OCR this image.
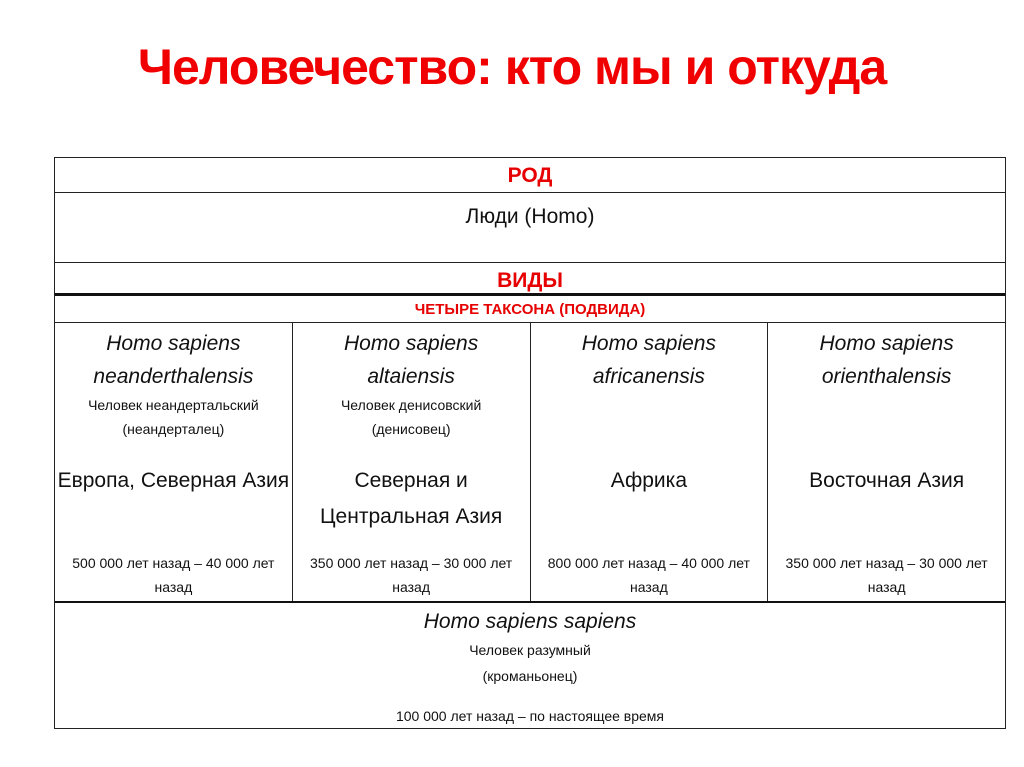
Человечество: кто мы и откуда
РОД
Люди (Homo)
ВИДЫ
ЧЕТЫРЕ ТАКСОНА (ПОДВИДА)
Homo sapiens
neanderthalensis
Человек неандертальский
(неандерталец)
Европа, Северная Азия
500 000 лет назад – 40 000 лет назад
Homo sapiens
altaiensis
Человек денисовский
(денисовец)
Северная и Центральная Азия
350 000 лет назад – 30 000 лет назад
Homo sapiens
africanensis
Африка
800 000 лет назад – 40 000 лет назад
Homo sapiens
orienthalensis
Восточная Азия
350 000 лет назад – 30 000 лет назад
Homo sapiens sapiens
Человек разумный
(кроманьонец)
100 000 лет назад – по настоящее время
